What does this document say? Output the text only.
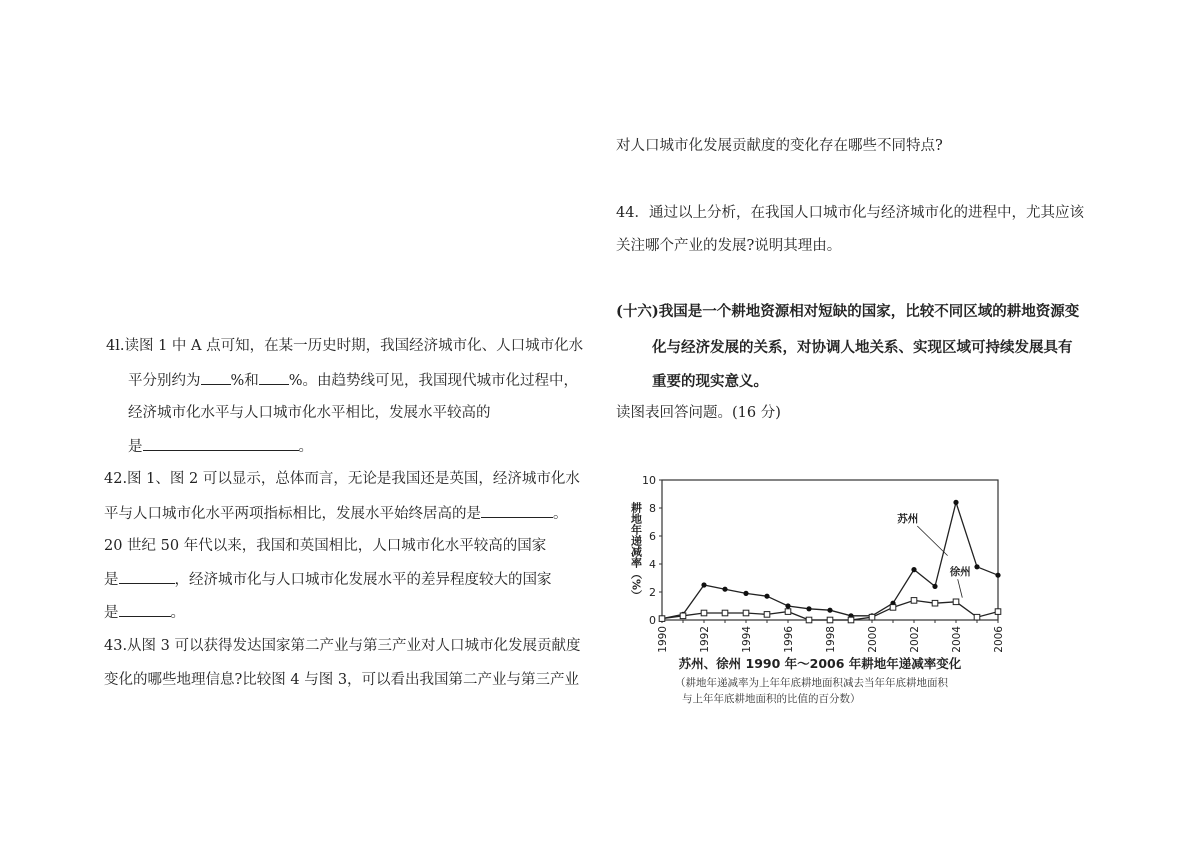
对人口城市化发展贡献度的变化存在哪些不同特点?
44．通过以上分析，在我国人口城市化与经济城市化的进程中，尤其应该
关注哪个产业的发展?说明其理由。
(十六)我国是一个耕地资源相对短缺的国家，比较不同区域的耕地资源变
化与经济发展的关系，对协调人地关系、实现区域可持续发展具有
重要的现实意义。
读图表回答问题。(16 分)
4l.读图 1 中 A 点可知，在某一历史时期，我国经济城市化、人口城市化水
平分别约为 %和 %。由趋势线可见，我国现代城市化过程中，
经济城市化水平与人口城市化水平相比，发展水平较高的
是	。
42.图 1、图 2 可以显示，总体而言，无论是我国还是英国，经济城市化水
平与人口城市化水平两项指标相比，发展水平始终居高的是	。
20 世纪 50 年代以来，我国和英国相比，人口城市化水平较高的国家
是	，经济城市化与人口城市化发展水平的差异程度较大的国家
是	。
43.从图 3 可以获得发达国家第二产业与第三产业对人口城市化发展贡献度
变化的哪些地理信息?比较图 4 与图 3，可以看出我国第二产业与第三产业
0
2
4
6
8
10
1990	1992	1994	1996	1998	2000	2002	2004	2006
耕地年递减率（%）	苏州
徐州
苏州、徐州 1990 年～2006 年耕地年递减率变化
（耕地年递减率为上年年底耕地面积减去当年年底耕地面积
与上年年底耕地面积的比值的百分数）
